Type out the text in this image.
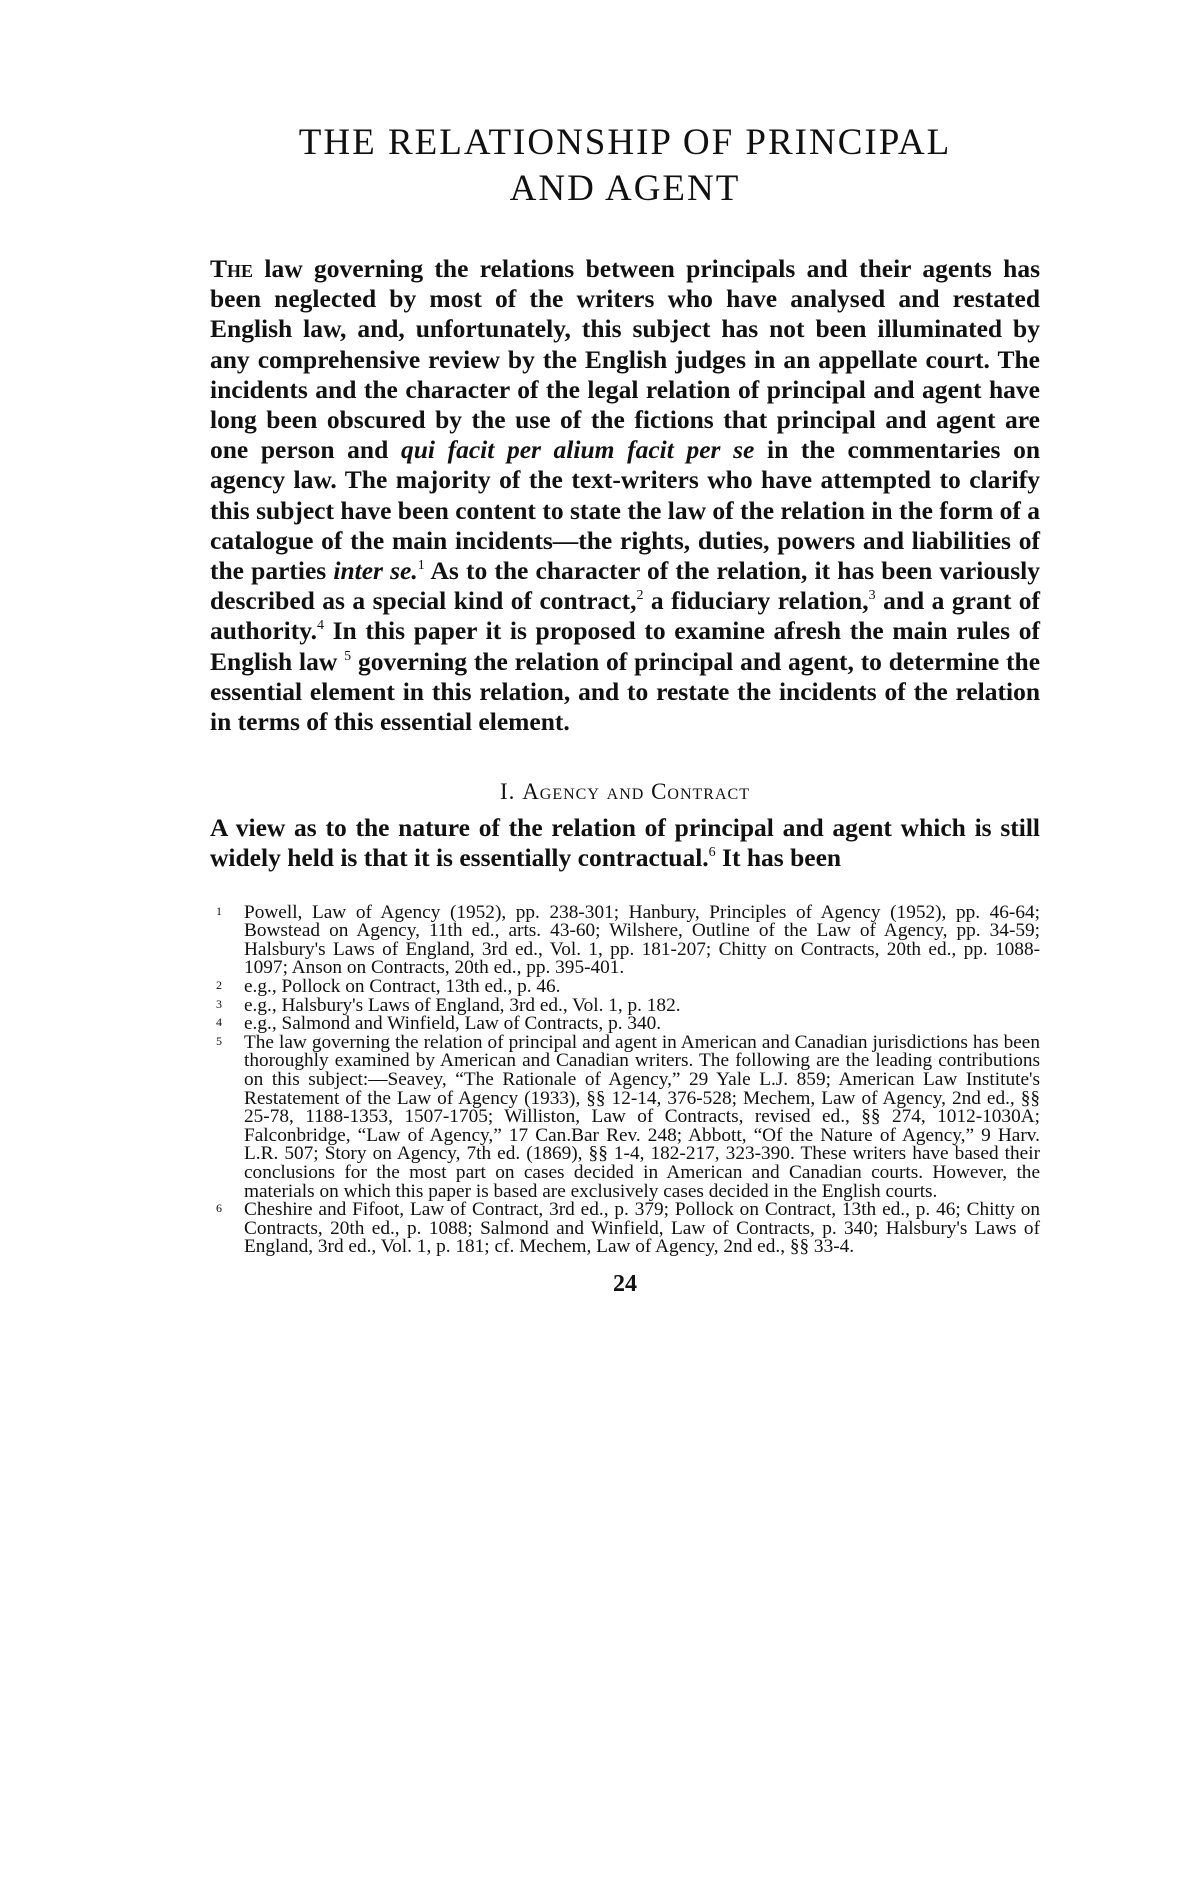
THE RELATIONSHIP OF PRINCIPAL
AND AGENT

The law governing the relations between principals and their agents has been neglected by most of the writers who have analysed and restated English law, and, unfortunately, this subject has not been illuminated by any comprehensive review by the English judges in an appellate court. The incidents and the character of the legal relation of principal and agent have long been obscured by the use of the fictions that principal and agent are one person and qui facit per alium facit per se in the commentaries on agency law. The majority of the text-writers who have attempted to clarify this subject have been content to state the law of the relation in the form of a catalogue of the main incidents—the rights, duties, powers and liabilities of the parties inter se.$^1$ As to the character of the relation, it has been variously described as a special kind of contract,$^2$ a fiduciary relation,$^3$ and a grant of authority.$^4$ In this paper it is proposed to examine afresh the main rules of English law $^5$ governing the relation of principal and agent, to determine the essential element in this relation, and to restate the incidents of the relation in terms of this essential element.

I. Agency and Contract

A view as to the nature of the relation of principal and agent which is still widely held is that it is essentially contractual.$^6$ It has been

1 Powell, Law of Agency (1952), pp. 238-301; Hanbury, Principles of Agency (1952), pp. 46-64; Bowstead on Agency, 11th ed., arts. 43-60; Wilshere, Outline of the Law of Agency, pp. 34-59; Halsbury's Laws of England, 3rd ed., Vol. 1, pp. 181-207; Chitty on Contracts, 20th ed., pp. 1088-1097; Anson on Contracts, 20th ed., pp. 395-401.

2 e.g., Pollock on Contract, 13th ed., p. 46.

3 e.g., Halsbury's Laws of England, 3rd ed., Vol. 1, p. 182.

4 e.g., Salmond and Winfield, Law of Contracts, p. 340.

5 The law governing the relation of principal and agent in American and Canadian jurisdictions has been thoroughly examined by American and Canadian writers. The following are the leading contributions on this subject:—Seavey, “The Rationale of Agency,” 29 Yale L.J. 859; American Law Institute's Restatement of the Law of Agency (1933), §§ 12-14, 376-528; Mechem, Law of Agency, 2nd ed., §§ 25-78, 1188-1353, 1507-1705; Williston, Law of Contracts, revised ed., §§ 274, 1012-1030A; Falconbridge, “Law of Agency,” 17 Can.Bar Rev. 248; Abbott, “Of the Nature of Agency,” 9 Harv. L.R. 507; Story on Agency, 7th ed. (1869), §§ 1-4, 182-217, 323-390. These writers have based their conclusions for the most part on cases decided in American and Canadian courts. However, the materials on which this paper is based are exclusively cases decided in the English courts.

6 Cheshire and Fifoot, Law of Contract, 3rd ed., p. 379; Pollock on Contract, 13th ed., p. 46; Chitty on Contracts, 20th ed., p. 1088; Salmond and Winfield, Law of Contracts, p. 340; Halsbury's Laws of England, 3rd ed., Vol. 1, p. 181; cf. Mechem, Law of Agency, 2nd ed., §§ 33-4.

24
